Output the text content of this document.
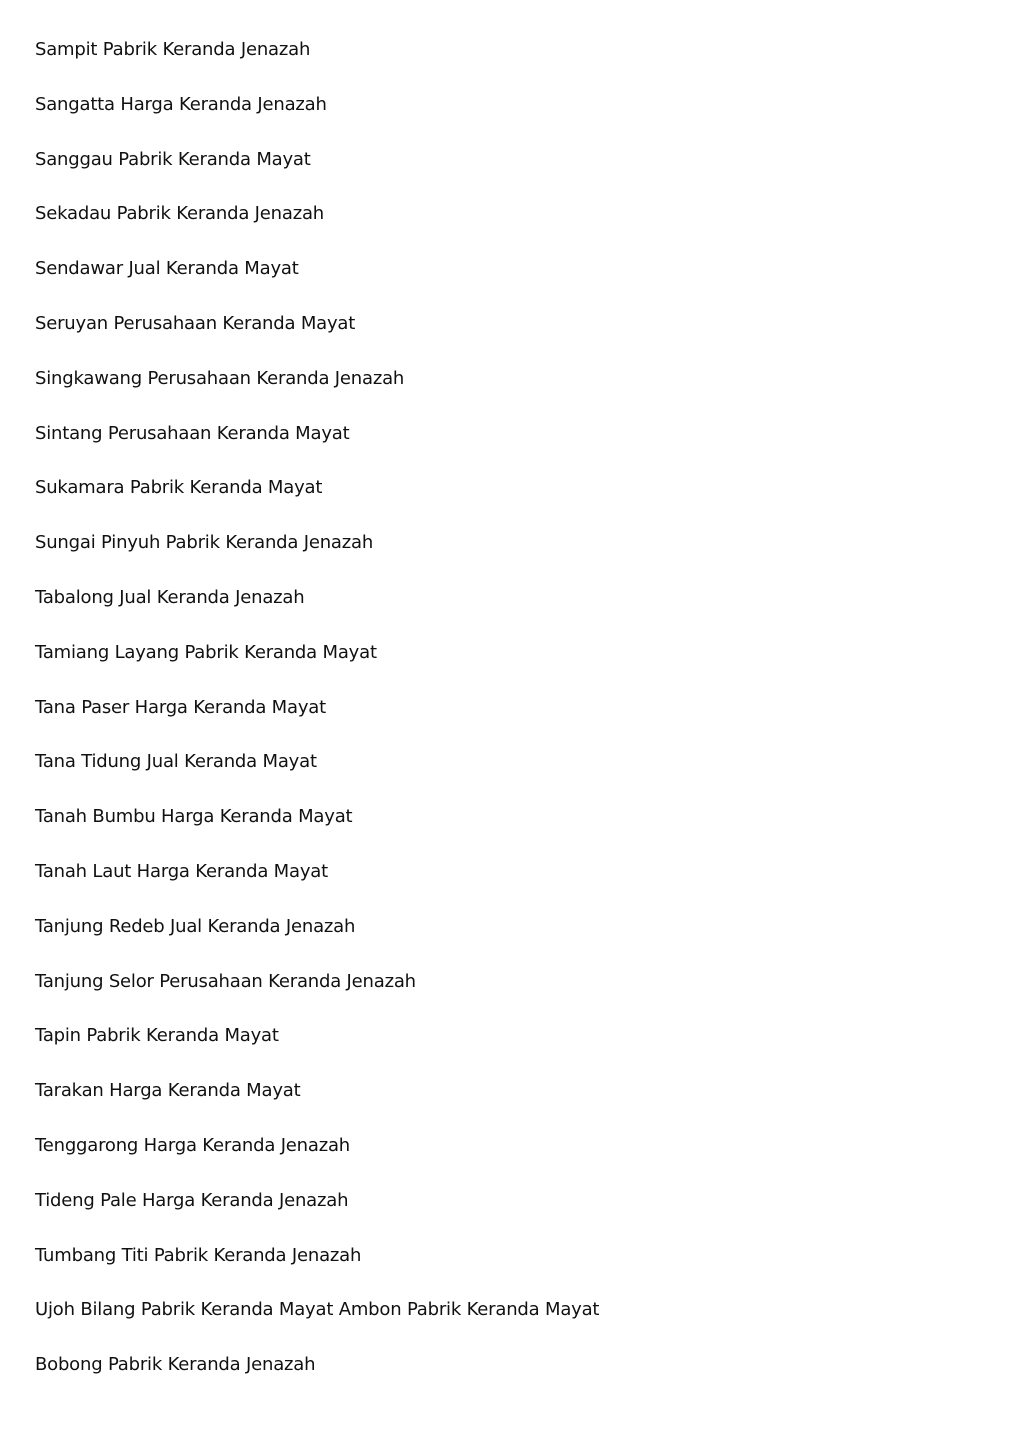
Sampit Pabrik Keranda Jenazah
Sangatta Harga Keranda Jenazah
Sanggau Pabrik Keranda Mayat
Sekadau Pabrik Keranda Jenazah
Sendawar Jual Keranda Mayat
Seruyan Perusahaan Keranda Mayat
Singkawang Perusahaan Keranda Jenazah
Sintang Perusahaan Keranda Mayat
Sukamara Pabrik Keranda Mayat
Sungai Pinyuh Pabrik Keranda Jenazah
Tabalong Jual Keranda Jenazah
Tamiang Layang Pabrik Keranda Mayat
Tana Paser Harga Keranda Mayat
Tana Tidung Jual Keranda Mayat
Tanah Bumbu Harga Keranda Mayat
Tanah Laut Harga Keranda Mayat
Tanjung Redeb Jual Keranda Jenazah
Tanjung Selor Perusahaan Keranda Jenazah
Tapin Pabrik Keranda Mayat
Tarakan Harga Keranda Mayat
Tenggarong Harga Keranda Jenazah
Tideng Pale Harga Keranda Jenazah
Tumbang Titi Pabrik Keranda Jenazah
Ujoh Bilang Pabrik Keranda Mayat Ambon Pabrik Keranda Mayat
Bobong Pabrik Keranda Jenazah
